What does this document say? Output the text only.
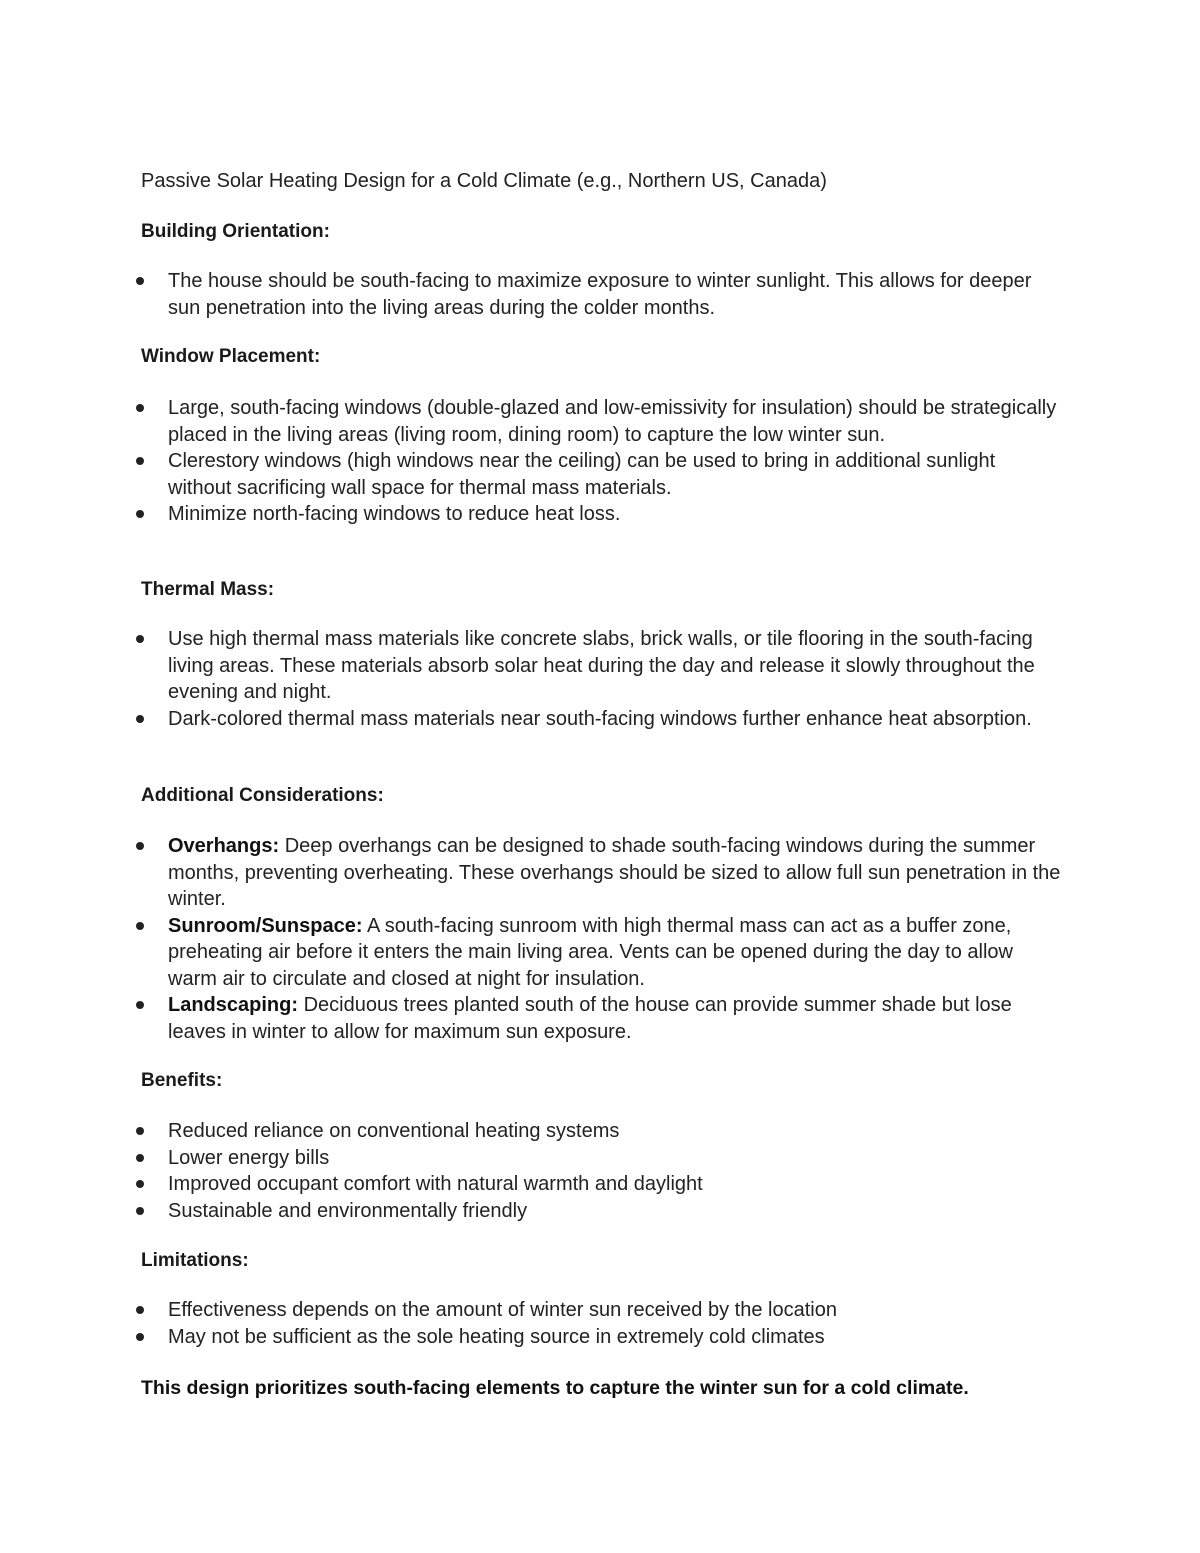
Passive Solar Heating Design for a Cold Climate (e.g., Northern US, Canada)
Building Orientation:
The house should be south-facing to maximize exposure to winter sunlight. This allows for deeper sun penetration into the living areas during the colder months.
Window Placement:
Large, south-facing windows (double-glazed and low-emissivity for insulation) should be strategically placed in the living areas (living room, dining room) to capture the low winter sun.
Clerestory windows (high windows near the ceiling) can be used to bring in additional sunlight without sacrificing wall space for thermal mass materials.
Minimize north-facing windows to reduce heat loss.
Thermal Mass:
Use high thermal mass materials like concrete slabs, brick walls, or tile flooring in the south-facing living areas. These materials absorb solar heat during the day and release it slowly throughout the evening and night.
Dark-colored thermal mass materials near south-facing windows further enhance heat absorption.
Additional Considerations:
Overhangs: Deep overhangs can be designed to shade south-facing windows during the summer months, preventing overheating. These overhangs should be sized to allow full sun penetration in the winter.
Sunroom/Sunspace: A south-facing sunroom with high thermal mass can act as a buffer zone, preheating air before it enters the main living area. Vents can be opened during the day to allow warm air to circulate and closed at night for insulation.
Landscaping: Deciduous trees planted south of the house can provide summer shade but lose leaves in winter to allow for maximum sun exposure.
Benefits:
Reduced reliance on conventional heating systems
Lower energy bills
Improved occupant comfort with natural warmth and daylight
Sustainable and environmentally friendly
Limitations:
Effectiveness depends on the amount of winter sun received by the location
May not be sufficient as the sole heating source in extremely cold climates
This design prioritizes south-facing elements to capture the winter sun for a cold climate.
